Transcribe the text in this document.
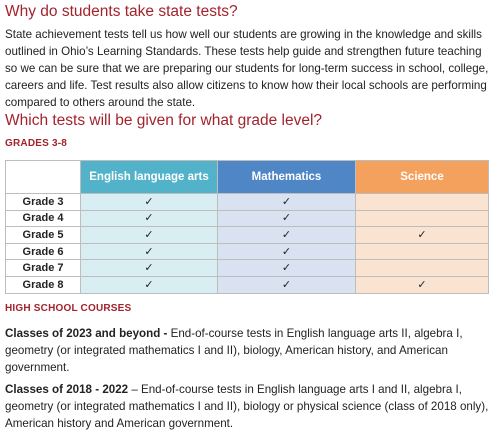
Why do students take state tests?

State achievement tests tell us how well our students are growing in the knowledge and skills outlined in Ohio’s Learning Standards. These tests help guide and strengthen future teaching so we can be sure that we are preparing our students for long-term success in school, college, careers and life. Test results also allow citizens to know how their local schools are performing compared to others around the state.

Which tests will be given for what grade level?
GRADES 3-8
	English language arts	Mathematics	Science
Grade 3	✓	✓	
Grade 4	✓	✓	
Grade 5	✓	✓	✓
Grade 6	✓	✓	
Grade 7	✓	✓	
Grade 8	✓	✓	✓
HIGH SCHOOL COURSES

Classes of 2023 and beyond - End-of-course tests in English language arts II, algebra I, geometry (or integrated mathematics I and II), biology, American history, and American government.

Classes of 2018 - 2022 – End-of-course tests in English language arts I and II, algebra I, geometry (or integrated mathematics I and II), biology or physical science (class of 2018 only), American history and American government.
